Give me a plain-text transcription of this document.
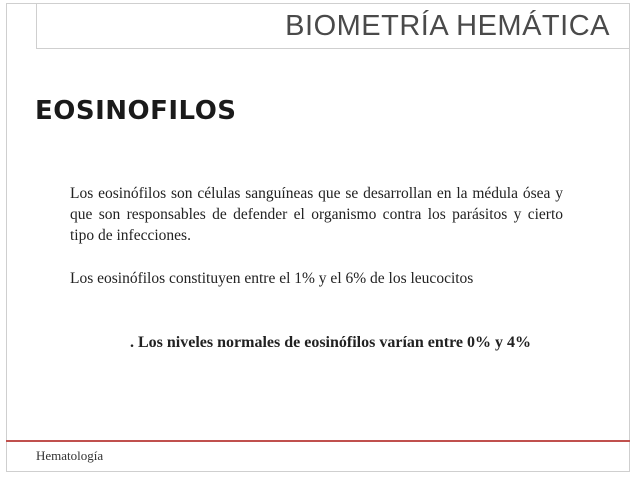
BIOMETRÍA HEMÁTICA
EOSINOFILOS
Los eosinófilos son células sanguíneas que se desarrollan en la médula ósea y que son responsables de defender el organismo contra los parásitos y cierto tipo de infecciones.
Los eosinófilos constituyen entre el 1% y el 6% de los leucocitos
. Los niveles normales de eosinófilos varían entre 0% y 4%
Hematología
